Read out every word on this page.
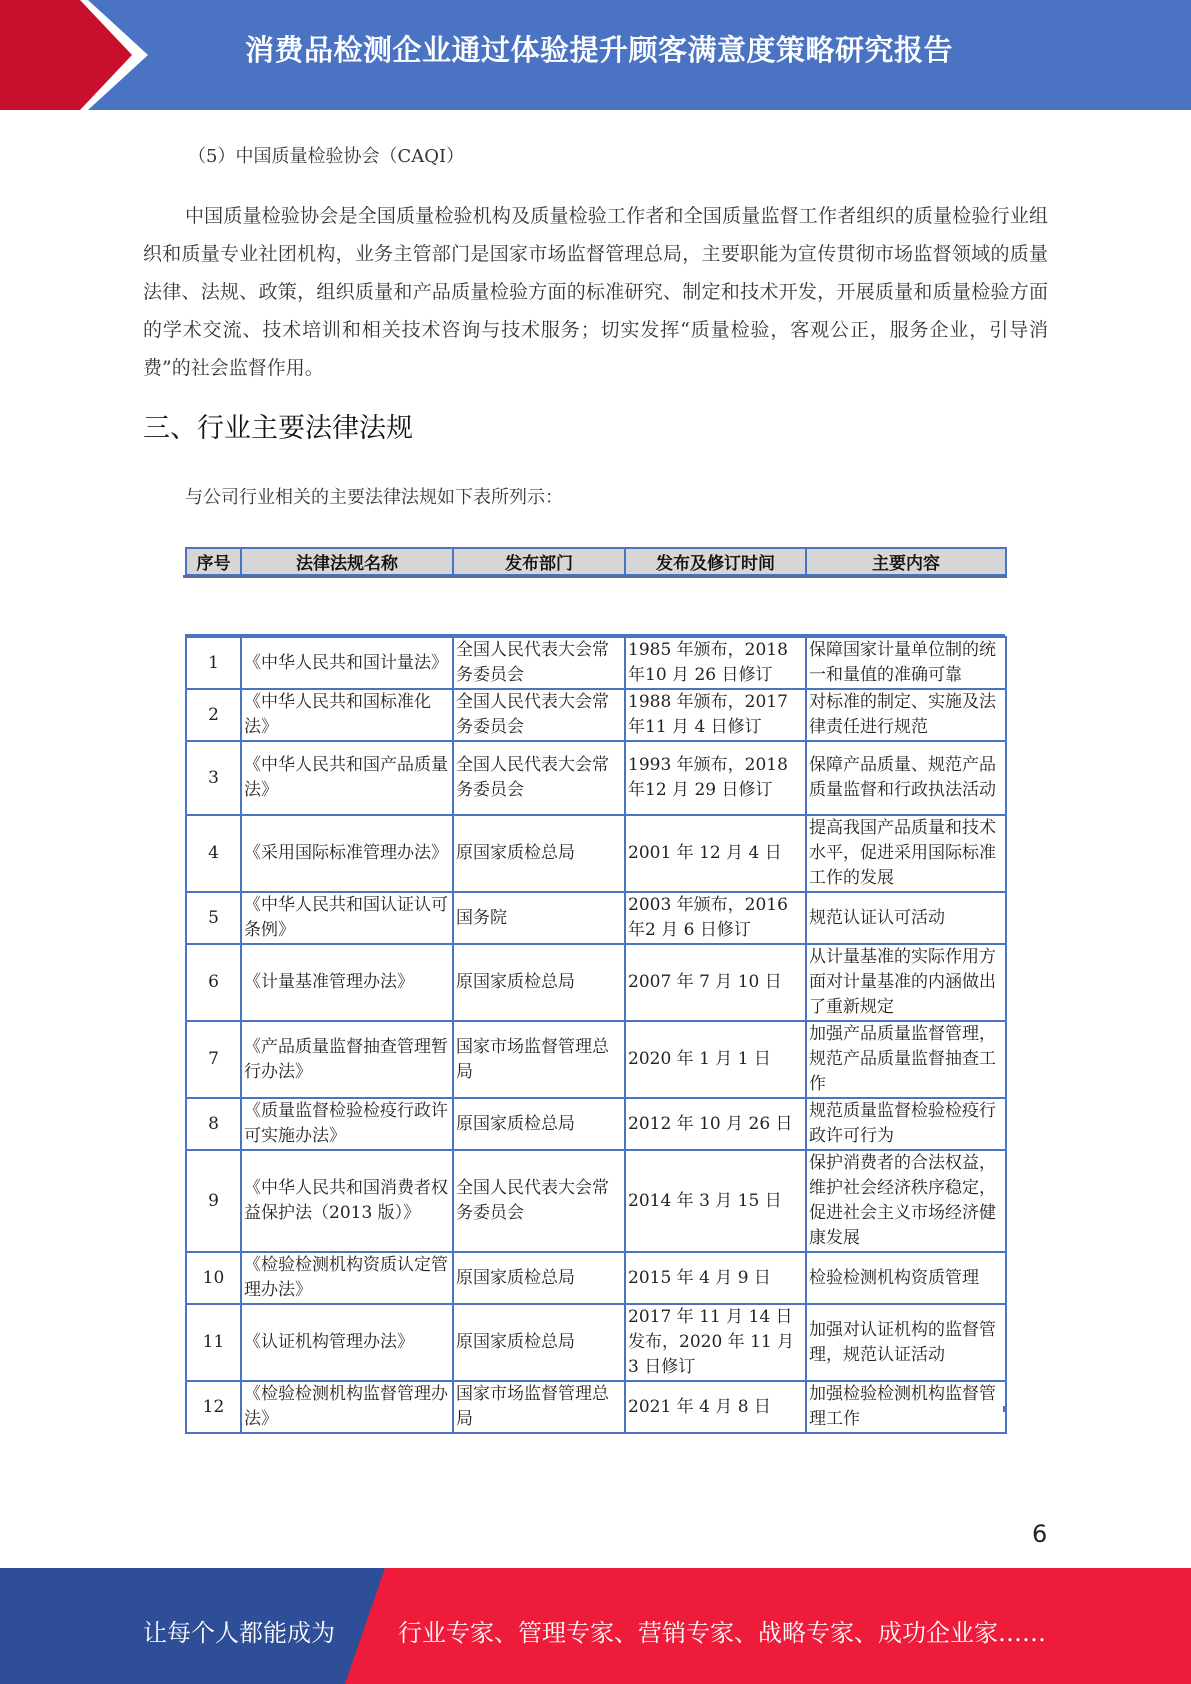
消费品检测企业通过体验提升顾客满意度策略研究报告
（5）中国质量检验协会（CAQI）
中国质量检验协会是全国质量检验机构及质量检验工作者和全国质量监督工作者组织的质量检验行业组织和质量专业社团机构，业务主管部门是国家市场监督管理总局，主要职能为宣传贯彻市场监督领域的质量法律、法规、政策，组织质量和产品质量检验方面的标准研究、制定和技术开发，开展质量和质量检验方面的学术交流、技术培训和相关技术咨询与技术服务；切实发挥“质量检验，客观公正，服务企业，引导消费”的社会监督作用。
三、行业主要法律法规
与公司行业相关的主要法律法规如下表所列示：
序号	法律法规名称	发布部门	发布及修订时间	主要内容
1	《中华人民共和国计量法》	全国人民代表大会常务委员会	1985 年颁布，2018 年10 月 26 日修订	保障国家计量单位制的统一和量值的准确可靠
2	《中华人民共和国标准化法》	全国人民代表大会常务委员会	1988 年颁布，2017 年11 月 4 日修订	对标准的制定、实施及法律责任进行规范
3	《中华人民共和国产品质量法》	全国人民代表大会常务委员会	1993 年颁布，2018 年12 月 29 日修订	保障产品质量、规范产品质量监督和行政执法活动
4	《采用国际标准管理办法》	原国家质检总局	2001 年 12 月 4 日	提高我国产品质量和技术水平，促进采用国际标准工作的发展
5	《中华人民共和国认证认可条例》	国务院	2003 年颁布，2016 年2 月 6 日修订	规范认证认可活动
6	《计量基准管理办法》	原国家质检总局	2007 年 7 月 10 日	从计量基准的实际作用方面对计量基准的内涵做出了重新规定
7	《产品质量监督抽查管理暂行办法》	国家市场监督管理总局	2020 年 1 月 1 日	加强产品质量监督管理，规范产品质量监督抽查工作
8	《质量监督检验检疫行政许可实施办法》	原国家质检总局	2012 年 10 月 26 日	规范质量监督检验检疫行政许可行为
9	《中华人民共和国消费者权益保护法（2013 版）》	全国人民代表大会常务委员会	2014 年 3 月 15 日	保护消费者的合法权益，维护社会经济秩序稳定，促进社会主义市场经济健康发展
10	《检验检测机构资质认定管理办法》	原国家质检总局	2015 年 4 月 9 日	检验检测机构资质管理
11	《认证机构管理办法》	原国家质检总局	2017 年 11 月 14 日发布，2020 年 11 月 3 日修订	加强对认证机构的监督管理，规范认证活动
12	《检验检测机构监督管理办法》	国家市场监督管理总局	2021 年 4 月 8 日	加强检验检测机构监督管理工作
6
让每个人都能成为	行业专家、管理专家、营销专家、战略专家、成功企业家……
